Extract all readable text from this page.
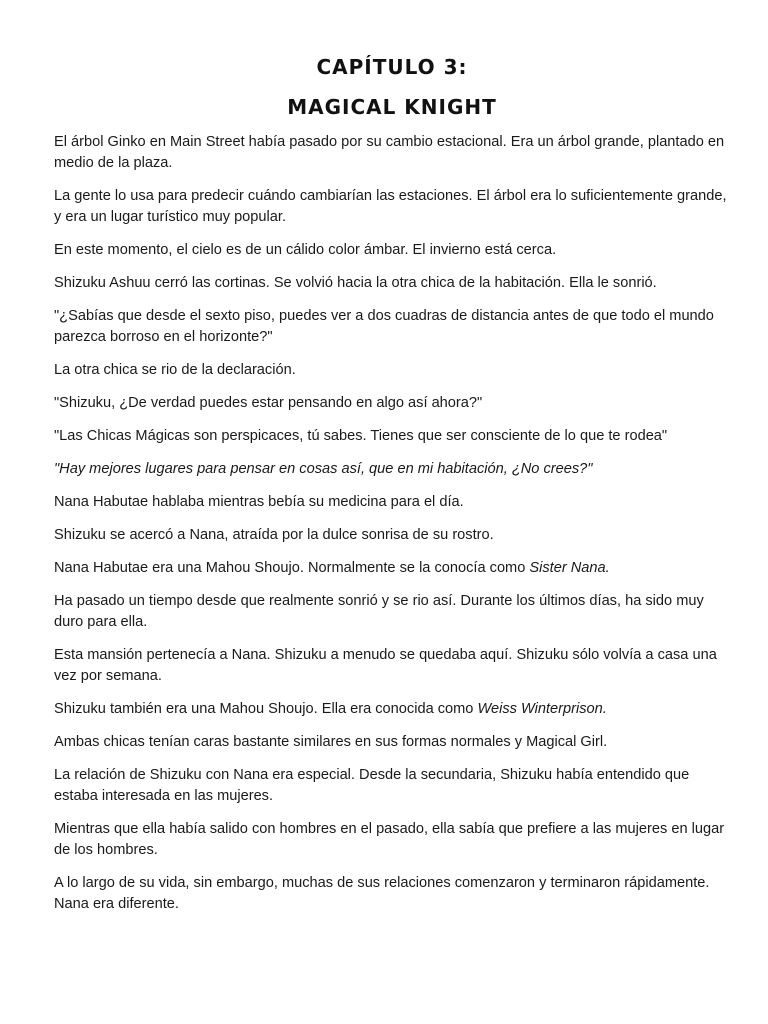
CAPÍTULO 3:
MAGICAL KNIGHT

El árbol Ginko en Main Street había pasado por su cambio estacional. Era un árbol grande, plantado en medio de la plaza.

La gente lo usa para predecir cuándo cambiarían las estaciones. El árbol era lo suficientemente grande, y era un lugar turístico muy popular.

En este momento, el cielo es de un cálido color ámbar. El invierno está cerca.

Shizuku Ashuu cerró las cortinas. Se volvió hacia la otra chica de la habitación. Ella le sonrió.

"¿Sabías que desde el sexto piso, puedes ver a dos cuadras de distancia antes de que todo el mundo parezca borroso en el horizonte?"

La otra chica se rio de la declaración.

"Shizuku, ¿De verdad puedes estar pensando en algo así ahora?"

"Las Chicas Mágicas son perspicaces, tú sabes. Tienes que ser consciente de lo que te rodea"

"Hay mejores lugares para pensar en cosas así, que en mi habitación, ¿No crees?"

Nana Habutae hablaba mientras bebía su medicina para el día.

Shizuku se acercó a Nana, atraída por la dulce sonrisa de su rostro.

Nana Habutae era una Mahou Shoujo. Normalmente se la conocía como Sister Nana.

Ha pasado un tiempo desde que realmente sonrió y se rio así. Durante los últimos días, ha sido muy duro para ella.

Esta mansión pertenecía a Nana. Shizuku a menudo se quedaba aquí. Shizuku sólo volvía a casa una vez por semana.

Shizuku también era una Mahou Shoujo. Ella era conocida como Weiss Winterprison.

Ambas chicas tenían caras bastante similares en sus formas normales y Magical Girl.

La relación de Shizuku con Nana era especial. Desde la secundaria, Shizuku había entendido que estaba interesada en las mujeres.

Mientras que ella había salido con hombres en el pasado, ella sabía que prefiere a las mujeres en lugar de los hombres.

A lo largo de su vida, sin embargo, muchas de sus relaciones comenzaron y terminaron rápidamente. Nana era diferente.
